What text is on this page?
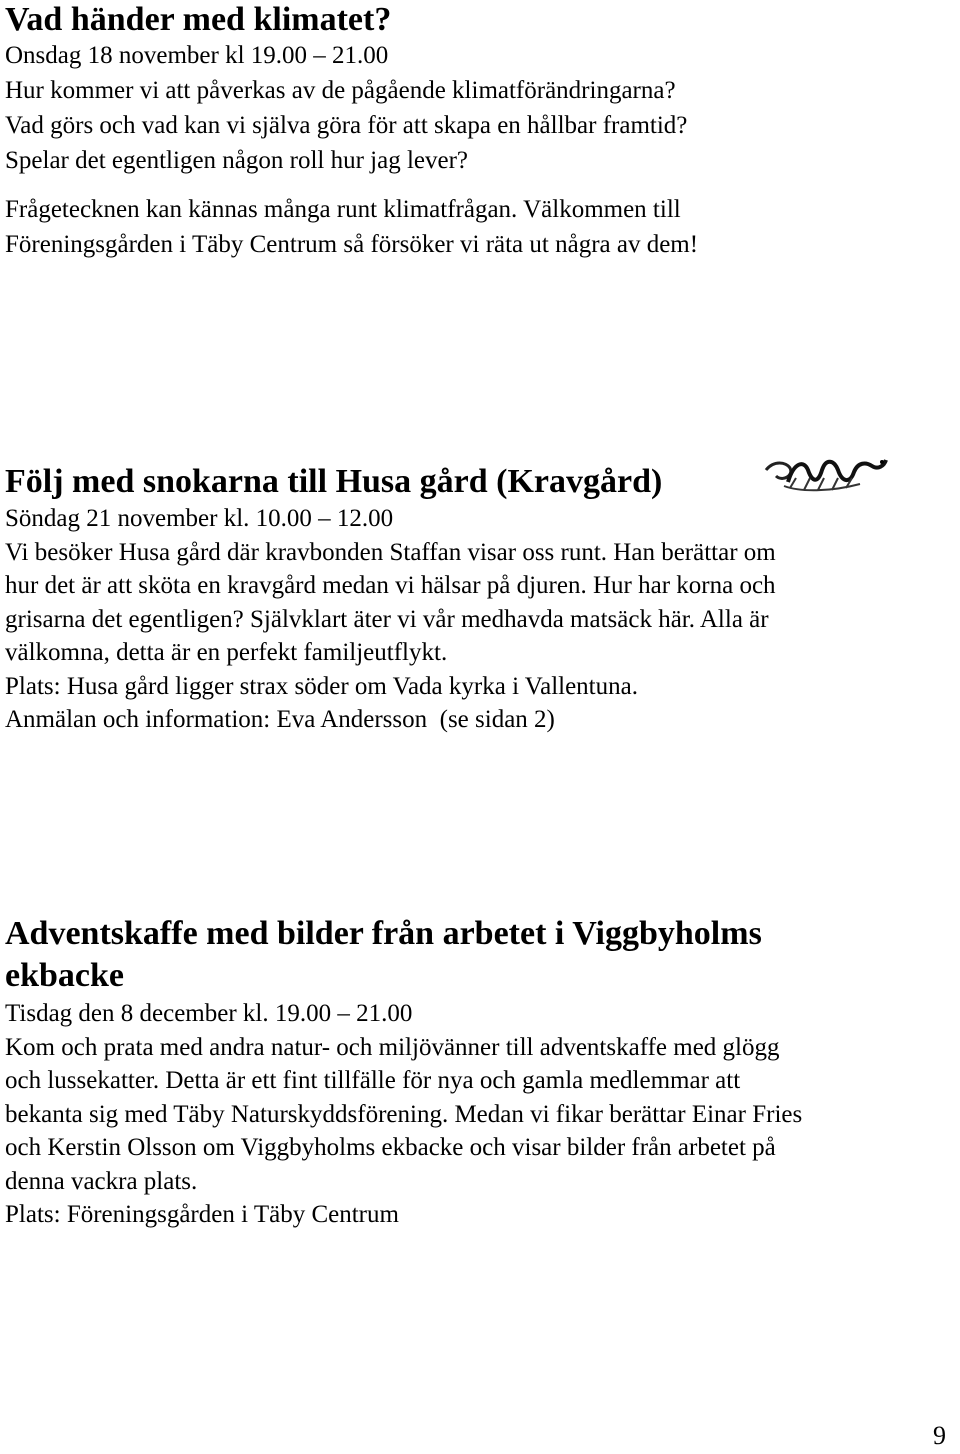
Vad händer med klimatet?

Onsdag 18 november kl 19.00 – 21.00

Hur kommer vi att påverkas av de pågående klimatförändringarna?

Vad görs och vad kan vi själva göra för att skapa en hållbar framtid?

Spelar det egentligen någon roll hur jag lever?

Frågetecknen kan kännas många runt klimatfrågan. Välkommen till

Föreningsgården i Täby Centrum så försöker vi räta ut några av dem!

Följ med snokarna till Husa gård (Kravgård)

Söndag 21 november kl. 10.00 – 12.00

Vi besöker Husa gård där kravbonden Staffan visar oss runt. Han berättar om

hur det är att sköta en kravgård medan vi hälsar på djuren. Hur har korna och

grisarna det egentligen? Självklart äter vi vår medhavda matsäck här. Alla är

välkomna, detta är en perfekt familjeutflykt.

Plats: Husa gård ligger strax söder om Vada kyrka i Vallentuna.

Anmälan och information: Eva Andersson  (se sidan 2)

Adventskaffe med bilder från arbetet i Viggbyholms
ekbacke

Tisdag den 8 december kl. 19.00 – 21.00

Kom och prata med andra natur- och miljövänner till adventskaffe med glögg

och lussekatter. Detta är ett fint tillfälle för nya och gamla medlemmar att

bekanta sig med Täby Naturskyddsförening. Medan vi fikar berättar Einar Fries

och Kerstin Olsson om Viggbyholms ekbacke och visar bilder från arbetet på

denna vackra plats.

Plats: Föreningsgården i Täby Centrum

9
